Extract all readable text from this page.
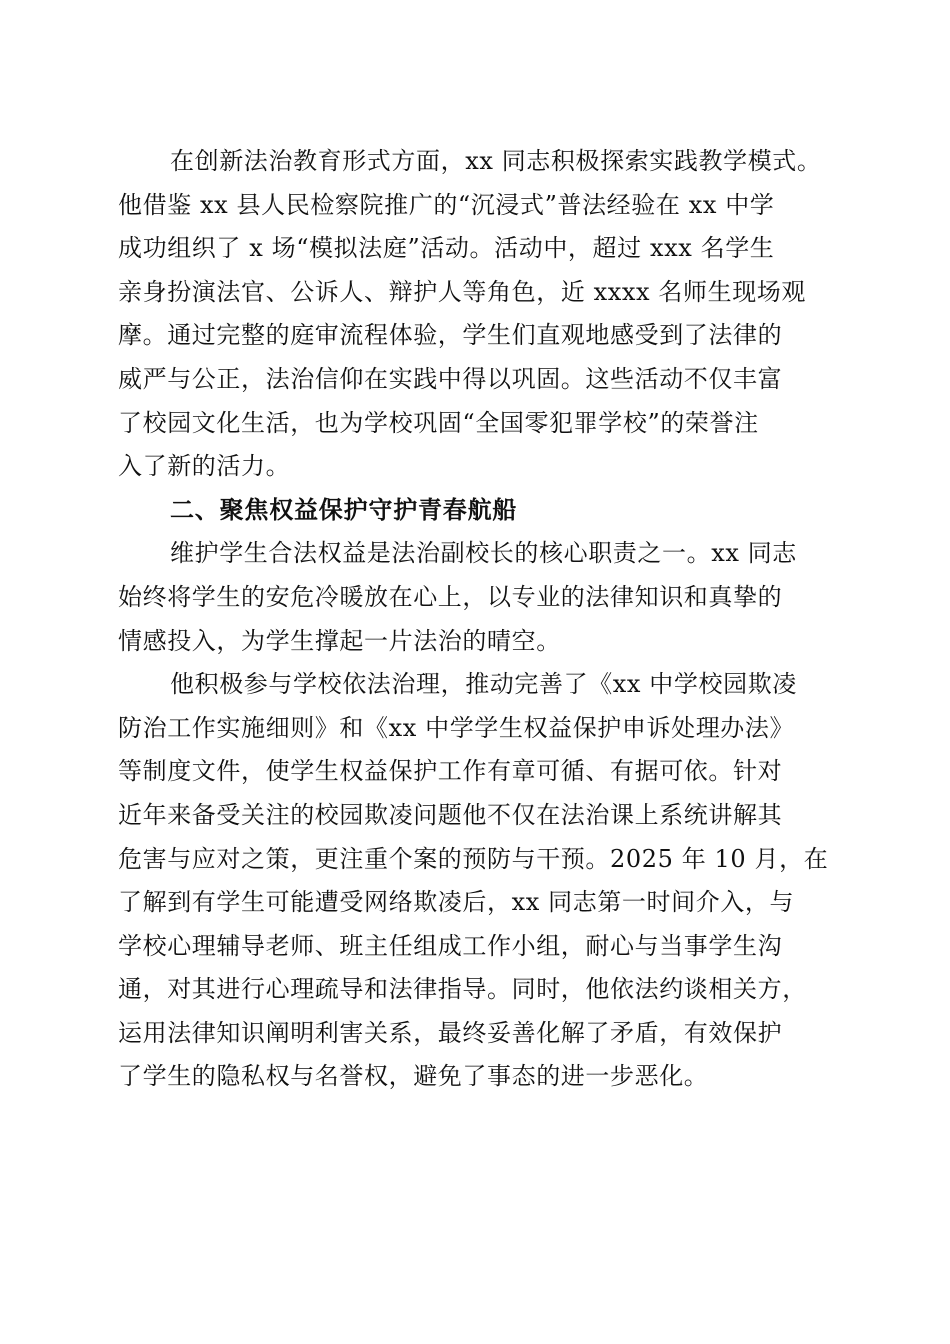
在创新法治教育形式方面，xx 同志积极探索实践教学模式。
他借鉴 xx 县人民检察院推广的“沉浸式”普法经验在 xx 中学
成功组织了 x 场“模拟法庭”活动。活动中，超过 xxx 名学生
亲身扮演法官、公诉人、辩护人等角色，近 xxxx 名师生现场观
摩。通过完整的庭审流程体验，学生们直观地感受到了法律的
威严与公正，法治信仰在实践中得以巩固。这些活动不仅丰富
了校园文化生活，也为学校巩固“全国零犯罪学校”的荣誉注
入了新的活力。
二、聚焦权益保护守护青春航船
维护学生合法权益是法治副校长的核心职责之一。xx 同志
始终将学生的安危冷暖放在心上，以专业的法律知识和真挚的
情感投入，为学生撑起一片法治的晴空。
他积极参与学校依法治理，推动完善了《xx 中学校园欺凌
防治工作实施细则》和《xx 中学学生权益保护申诉处理办法》
等制度文件，使学生权益保护工作有章可循、有据可依。针对
近年来备受关注的校园欺凌问题他不仅在法治课上系统讲解其
危害与应对之策，更注重个案的预防与干预。2025 年 10 月，在
了解到有学生可能遭受网络欺凌后，xx 同志第一时间介入，与
学校心理辅导老师、班主任组成工作小组，耐心与当事学生沟
通，对其进行心理疏导和法律指导。同时，他依法约谈相关方，
运用法律知识阐明利害关系，最终妥善化解了矛盾，有效保护
了学生的隐私权与名誉权，避免了事态的进一步恶化。
